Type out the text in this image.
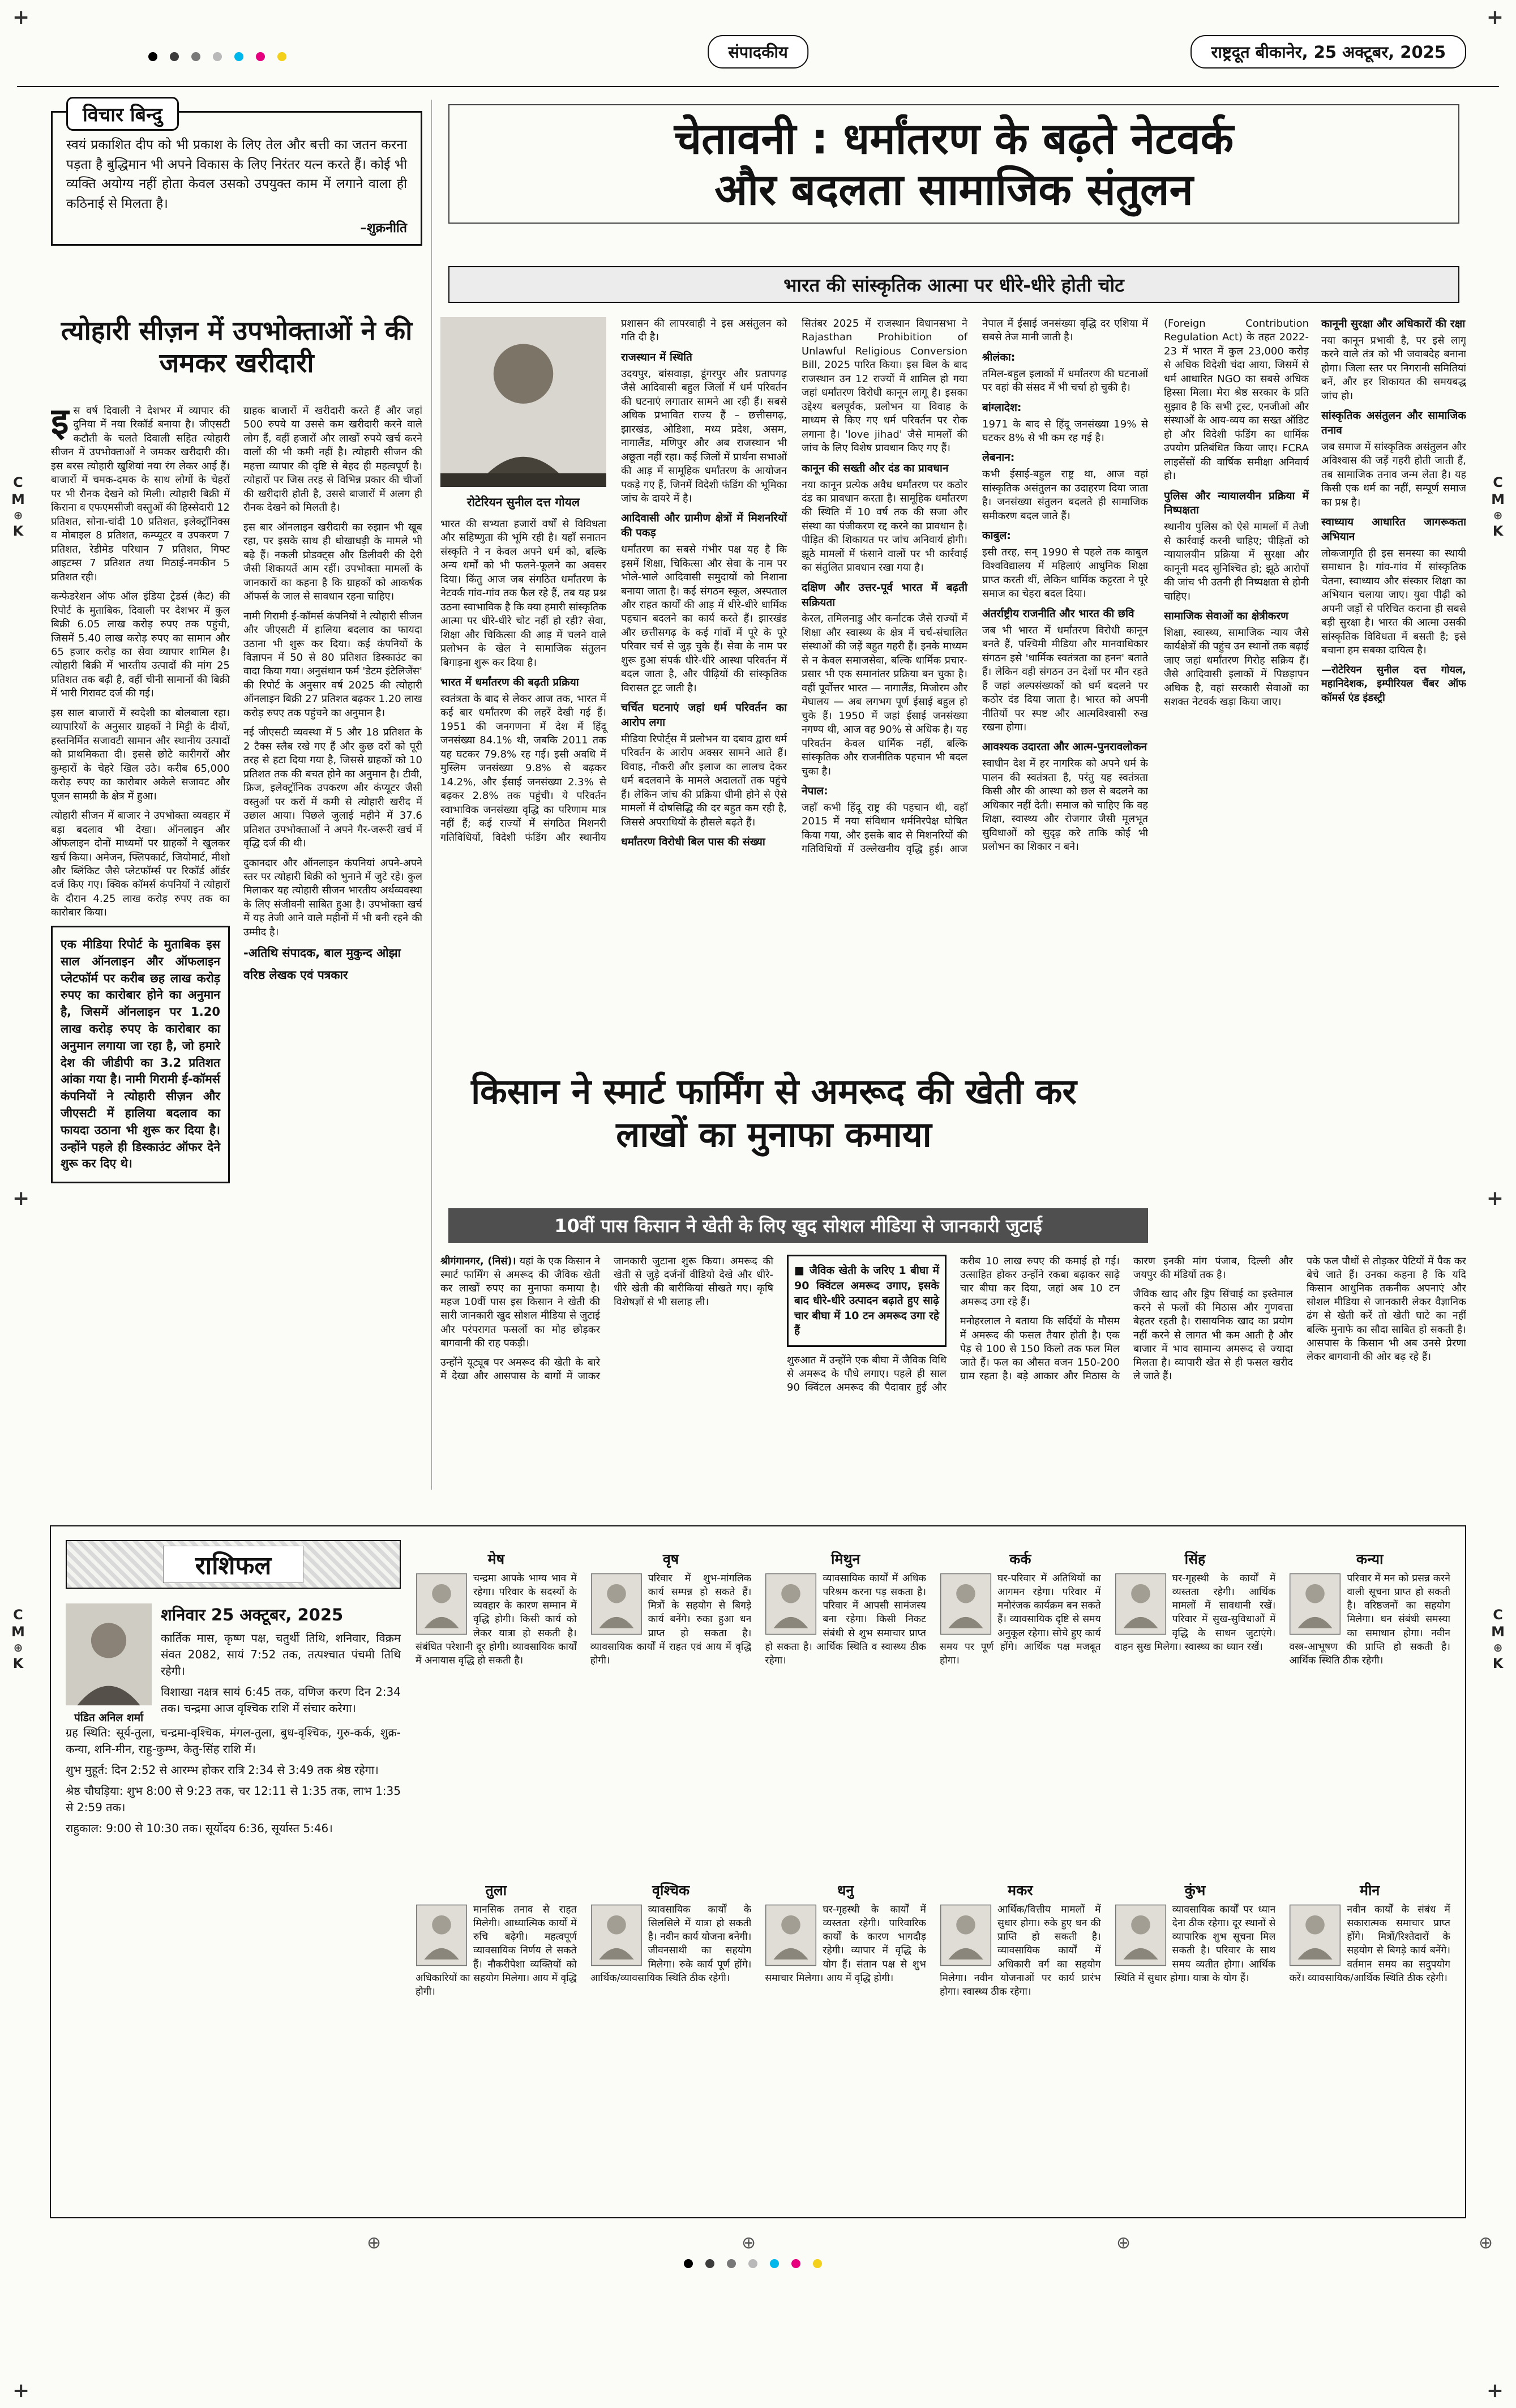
+	+
+	+
+	+
C
M
⊕
K
C
M
⊕
K
C
M
⊕
K
C
M
⊕
K
⊕	⊕	⊕	⊕
संपादकीय	राष्ट्रदूत बीकानेर, 25 अक्टूबर, 2025
विचार बिन्दु

स्वयं प्रकाशित दीप को भी प्रकाश के लिए तेल और बत्ती का जतन करना पड़ता है बुद्धिमान भी अपने विकास के लिए निरंतर यत्न करते हैं। कोई भी व्यक्ति अयोग्य नहीं होता केवल उसको उपयुक्त काम में लगाने वाला ही कठिनाई से मिलता है।

–शुक्रनीति

त्योहारी सीज़न में उपभोक्ताओं ने की जमकर खरीदारी

इस वर्ष दिवाली ने देशभर में व्यापार की दुनिया में नया रिकॉर्ड बनाया है। जीएसटी कटौती के चलते दिवाली सहित त्योहारी सीजन में उपभोक्ताओं ने जमकर खरीदारी की। इस बरस त्योहारी खुशियां नया रंग लेकर आई हैं। बाजारों में चमक-दमक के साथ लोगों के चेहरों पर भी रौनक देखने को मिली। त्योहारी बिक्री में किराना व एफएमसीजी वस्तुओं की हिस्सेदारी 12 प्रतिशत, सोना-चांदी 10 प्रतिशत, इलेक्ट्रॉनिक्स व मोबाइल 8 प्रतिशत, कम्प्यूटर व उपकरण 7 प्रतिशत, रेडीमेड परिधान 7 प्रतिशत, गिफ्ट आइटम्स 7 प्रतिशत तथा मिठाई-नमकीन 5 प्रतिशत रही।

कन्फेडरेशन ऑफ ऑल इंडिया ट्रेडर्स (कैट) की रिपोर्ट के मुताबिक, दिवाली पर देशभर में कुल बिक्री 6.05 लाख करोड़ रुपए तक पहुंची, जिसमें 5.40 लाख करोड़ रुपए का सामान और 65 हजार करोड़ का सेवा व्यापार शामिल है। त्योहारी बिक्री में भारतीय उत्पादों की मांग 25 प्रतिशत तक बढ़ी है, वहीं चीनी सामानों की बिक्री में भारी गिरावट दर्ज की गई।

इस साल बाजारों में स्वदेशी का बोलबाला रहा। व्यापारियों के अनुसार ग्राहकों ने मिट्टी के दीयों, हस्तनिर्मित सजावटी सामान और स्थानीय उत्पादों को प्राथमिकता दी। इससे छोटे कारीगरों और कुम्हारों के चेहरे खिल उठे। करीब 65,000 करोड़ रुपए का कारोबार अकेले सजावट और पूजन सामग्री के क्षेत्र में हुआ।

त्योहारी सीजन में बाजार ने उपभोक्ता व्यवहार में बड़ा बदलाव भी देखा। ऑनलाइन और ऑफलाइन दोनों माध्यमों पर ग्राहकों ने खुलकर खर्च किया। अमेजन, फ्लिपकार्ट, जियोमार्ट, मीशो और ब्लिंकिट जैसे प्लेटफॉर्म्स पर रिकॉर्ड ऑर्डर दर्ज किए गए। क्विक कॉमर्स कंपनियों ने त्योहारों के दौरान 4.25 लाख करोड़ रुपए तक का कारोबार किया।

एक मीडिया रिपोर्ट के मुताबिक इस साल ऑनलाइन और ऑफलाइन प्लेटफॉर्म पर करीब छह लाख करोड़ रुपए का कारोबार होने का अनुमान है, जिसमें ऑनलाइन पर 1.20 लाख करोड़ रुपए के कारोबार का अनुमान लगाया जा रहा है, जो हमारे देश की जीडीपी का 3.2 प्रतिशत आंका गया है। नामी गिरामी ई-कॉमर्स कंपनियों ने त्योहारी सीज़न और जीएसटी में हालिया बदलाव का फायदा उठाना भी शुरू कर दिया है। उन्होंने पहले ही डिस्काउंट ऑफर देने शुरू कर दिए थे।

ग्राहक बाजारों में खरीदारी करते हैं और जहां 500 रुपये या उससे कम खरीदारी करने वाले लोग हैं, वहीं हजारों और लाखों रुपये खर्च करने वालों की भी कमी नहीं है। त्योहारी सीजन की महत्ता व्यापार की दृष्टि से बेहद ही महत्वपूर्ण है। त्योहारों पर जिस तरह से विभिन्न प्रकार की चीजों की खरीदारी होती है, उससे बाजारों में अलग ही रौनक देखने को मिलती है।

इस बार ऑनलाइन खरीदारी का रुझान भी खूब रहा, पर इसके साथ ही धोखाधड़ी के मामले भी बढ़े हैं। नकली प्रोडक्ट्स और डिलीवरी की देरी जैसी शिकायतें आम रहीं। उपभोक्ता मामलों के जानकारों का कहना है कि ग्राहकों को आकर्षक ऑफर्स के जाल से सावधान रहना चाहिए।

नामी गिरामी ई-कॉमर्स कंपनियों ने त्योहारी सीजन और जीएसटी में हालिया बदलाव का फायदा उठाना भी शुरू कर दिया। कई कंपनियों के विज्ञापन में 50 से 80 प्रतिशत डिस्काउंट का वादा किया गया। अनुसंधान फर्म 'डेटम इंटेलिजेंस' की रिपोर्ट के अनुसार वर्ष 2025 की त्योहारी ऑनलाइन बिक्री 27 प्रतिशत बढ़कर 1.20 लाख करोड़ रुपए तक पहुंचने का अनुमान है।

नई जीएसटी व्यवस्था में 5 और 18 प्रतिशत के 2 टैक्स स्लैब रखे गए हैं और कुछ दरों को पूरी तरह से हटा दिया गया है, जिससे ग्राहकों को 10 प्रतिशत तक की बचत होने का अनुमान है। टीवी, फ्रिज, इलेक्ट्रॉनिक उपकरण और कंप्यूटर जैसी वस्तुओं पर करों में कमी से त्योहारी खरीद में उछाल आया। पिछले जुलाई महीने में 37.6 प्रतिशत उपभोक्ताओं ने अपने गैर-जरूरी खर्च में वृद्धि दर्ज की थी।

दुकानदार और ऑनलाइन कंपनियां अपने-अपने स्तर पर त्योहारी बिक्री को भुनाने में जुटे रहे। कुल मिलाकर यह त्योहारी सीजन भारतीय अर्थव्यवस्था के लिए संजीवनी साबित हुआ है। उपभोक्ता खर्च में यह तेजी आने वाले महीनों में भी बनी रहने की उम्मीद है।

-अतिथि संपादक, बाल मुकुन्द ओझा

वरिष्ठ लेखक एवं पत्रकार

चेतावनी : धर्मांतरण के बढ़ते नेटवर्क
और बदलता सामाजिक संतुलन
भारत की सांस्कृतिक आत्मा पर धीरे-धीरे होती चोट
रोटेरियन सुनील दत्त गोयल

भारत की सभ्यता हजारों वर्षों से विविधता और सहिष्णुता की भूमि रही है। यहाँ सनातन संस्कृति ने न केवल अपने धर्म को, बल्कि अन्य धर्मों को भी फलने-फूलने का अवसर दिया। किंतु आज जब संगठित धर्मांतरण के नेटवर्क गांव-गांव तक फैल रहे हैं, तब यह प्रश्न उठना स्वाभाविक है कि क्या हमारी सांस्कृतिक आत्मा पर धीरे-धीरे चोट नहीं हो रही? सेवा, शिक्षा और चिकित्सा की आड़ में चलने वाले प्रलोभन के खेल ने सामाजिक संतुलन बिगाड़ना शुरू कर दिया है।

भारत में धर्मांतरण की बढ़ती प्रक्रिया

स्वतंत्रता के बाद से लेकर आज तक, भारत में कई बार धर्मांतरण की लहरें देखी गई हैं। 1951 की जनगणना में देश में हिंदू जनसंख्या 84.1% थी, जबकि 2011 तक यह घटकर 79.8% रह गई। इसी अवधि में मुस्लिम जनसंख्या 9.8% से बढ़कर 14.2%, और ईसाई जनसंख्या 2.3% से बढ़कर 2.8% तक पहुंची। ये परिवर्तन स्वाभाविक जनसंख्या वृद्धि का परिणाम मात्र नहीं हैं; कई राज्यों में संगठित मिशनरी गतिविधियों, विदेशी फंडिंग और स्थानीय प्रशासन की लापरवाही ने इस असंतुलन को गति दी है।

राजस्थान में स्थिति

उदयपुर, बांसवाड़ा, डूंगरपुर और प्रतापगढ़ जैसे आदिवासी बहुल जिलों में धर्म परिवर्तन की घटनाएं लगातार सामने आ रही हैं। सबसे अधिक प्रभावित राज्य हैं – छत्तीसगढ़, झारखंड, ओडिशा, मध्य प्रदेश, असम, नागालैंड, मणिपुर और अब राजस्थान भी अछूता नहीं रहा। कई जिलों में प्रार्थना सभाओं की आड़ में सामूहिक धर्मांतरण के आयोजन पकड़े गए हैं, जिनमें विदेशी फंडिंग की भूमिका जांच के दायरे में है।

आदिवासी और ग्रामीण क्षेत्रों में मिशनरियों की पकड़

धर्मांतरण का सबसे गंभीर पक्ष यह है कि इसमें शिक्षा, चिकित्सा और सेवा के नाम पर भोले-भाले आदिवासी समुदायों को निशाना बनाया जाता है। कई संगठन स्कूल, अस्पताल और राहत कार्यों की आड़ में धीरे-धीरे धार्मिक पहचान बदलने का कार्य करते हैं। झारखंड और छत्तीसगढ़ के कई गांवों में पूरे के पूरे परिवार चर्च से जुड़ चुके हैं। सेवा के नाम पर शुरू हुआ संपर्क धीरे-धीरे आस्था परिवर्तन में बदल जाता है, और पीढ़ियों की सांस्कृतिक विरासत टूट जाती है।

चर्चित घटनाएं जहां धर्म परिवर्तन का आरोप लगा

मीडिया रिपोर्ट्स में प्रलोभन या दबाव द्वारा धर्म परिवर्तन के आरोप अक्सर सामने आते हैं। विवाह, नौकरी और इलाज का लालच देकर धर्म बदलवाने के मामले अदालतों तक पहुंचे हैं। लेकिन जांच की प्रक्रिया धीमी होने से ऐसे मामलों में दोषसिद्धि की दर बहुत कम रही है, जिससे अपराधियों के हौसले बढ़ते हैं।

धर्मांतरण विरोधी बिल पास की संख्या

सितंबर 2025 में राजस्थान विधानसभा ने Rajasthan Prohibition of Unlawful Religious Conversion Bill, 2025 पारित किया। इस बिल के बाद राजस्थान उन 12 राज्यों में शामिल हो गया जहां धर्मांतरण विरोधी कानून लागू है। इसका उद्देश्य बलपूर्वक, प्रलोभन या विवाह के माध्यम से किए गए धर्म परिवर्तन पर रोक लगाना है। 'love jihad' जैसे मामलों की जांच के लिए विशेष प्रावधान किए गए हैं।

कानून की सख्ती और दंड का प्रावधान

नया कानून प्रत्येक अवैध धर्मांतरण पर कठोर दंड का प्रावधान करता है। सामूहिक धर्मांतरण की स्थिति में 10 वर्ष तक की सजा और संस्था का पंजीकरण रद्द करने का प्रावधान है। पीड़ित की शिकायत पर जांच अनिवार्य होगी। झूठे मामलों में फंसाने वालों पर भी कार्रवाई का संतुलित प्रावधान रखा गया है।

दक्षिण और उत्तर-पूर्व भारत में बढ़ती सक्रियता

केरल, तमिलनाडु और कर्नाटक जैसे राज्यों में शिक्षा और स्वास्थ्य के क्षेत्र में चर्च-संचालित संस्थाओं की जड़ें बहुत गहरी हैं। इनके माध्यम से न केवल समाजसेवा, बल्कि धार्मिक प्रचार-प्रसार भी एक समानांतर प्रक्रिया बन चुका है। वहीं पूर्वोत्तर भारत — नागालैंड, मिजोरम और मेघालय — अब लगभग पूर्ण ईसाई बहुल हो चुके हैं। 1950 में जहां ईसाई जनसंख्या नगण्य थी, आज वह 90% से अधिक है। यह परिवर्तन केवल धार्मिक नहीं, बल्कि सांस्कृतिक और राजनीतिक पहचान भी बदल चुका है।

नेपाल:

जहाँ कभी हिंदू राष्ट्र की पहचान थी, वहाँ 2015 में नया संविधान धर्मनिरपेक्ष घोषित किया गया, और इसके बाद से मिशनरियों की गतिविधियों में उल्लेखनीय वृद्धि हुई। आज नेपाल में ईसाई जनसंख्या वृद्धि दर एशिया में सबसे तेज मानी जाती है।

श्रीलंका:

तमिल-बहुल इलाकों में धर्मांतरण की घटनाओं पर वहां की संसद में भी चर्चा हो चुकी है।

बांग्लादेश:

1971 के बाद से हिंदू जनसंख्या 19% से घटकर 8% से भी कम रह गई है।

लेबनान:

कभी ईसाई-बहुल राष्ट्र था, आज वहां सांस्कृतिक असंतुलन का उदाहरण दिया जाता है। जनसंख्या संतुलन बदलते ही सामाजिक समीकरण बदल जाते हैं।

काबुल:

इसी तरह, सन् 1990 से पहले तक काबुल विश्वविद्यालय में महिलाएं आधुनिक शिक्षा प्राप्त करती थीं, लेकिन धार्मिक कट्टरता ने पूरे समाज का चेहरा बदल दिया।

अंतर्राष्ट्रीय राजनीति और भारत की छवि

जब भी भारत में धर्मांतरण विरोधी कानून बनते हैं, पश्चिमी मीडिया और मानवाधिकार संगठन इसे 'धार्मिक स्वतंत्रता का हनन' बताते हैं। लेकिन वही संगठन उन देशों पर मौन रहते हैं जहां अल्पसंख्यकों को धर्म बदलने पर कठोर दंड दिया जाता है। भारत को अपनी नीतियों पर स्पष्ट और आत्मविश्वासी रुख रखना होगा।

आवश्यक उदारता और आत्म-पुनरावलोकन

स्वाधीन देश में हर नागरिक को अपने धर्म के पालन की स्वतंत्रता है, परंतु यह स्वतंत्रता किसी और की आस्था को छल से बदलने का अधिकार नहीं देती। समाज को चाहिए कि वह शिक्षा, स्वास्थ्य और रोजगार जैसी मूलभूत सुविधाओं को सुदृढ़ करे ताकि कोई भी प्रलोभन का शिकार न बने।

(Foreign Contribution Regulation Act) के तहत 2022-23 में भारत में कुल 23,000 करोड़ से अधिक विदेशी चंदा आया, जिसमें से धर्म आधारित NGO का सबसे अधिक हिस्सा मिला। मेरा श्रेष्ठ सरकार के प्रति सुझाव है कि सभी ट्रस्ट, एनजीओ और संस्थाओं के आय-व्यय का सख्त ऑडिट हो और विदेशी फंडिंग का धार्मिक उपयोग प्रतिबंधित किया जाए। FCRA लाइसेंसों की वार्षिक समीक्षा अनिवार्य हो।

पुलिस और न्यायालयीन प्रक्रिया में निष्पक्षता

स्थानीय पुलिस को ऐसे मामलों में तेजी से कार्रवाई करनी चाहिए; पीड़ितों को न्यायालयीन प्रक्रिया में सुरक्षा और कानूनी मदद सुनिश्चित हो; झूठे आरोपों की जांच भी उतनी ही निष्पक्षता से होनी चाहिए।

सामाजिक सेवाओं का क्षेत्रीकरण

शिक्षा, स्वास्थ्य, सामाजिक न्याय जैसे कार्यक्षेत्रों की पहुंच उन स्थानों तक बढ़ाई जाए जहां धर्मांतरण गिरोह सक्रिय हैं। जैसे आदिवासी इलाकों में पिछड़ापन अधिक है, वहां सरकारी सेवाओं का सशक्त नेटवर्क खड़ा किया जाए।

कानूनी सुरक्षा और अधिकारों की रक्षा

नया कानून प्रभावी है, पर इसे लागू करने वाले तंत्र को भी जवाबदेह बनाना होगा। जिला स्तर पर निगरानी समितियां बनें, और हर शिकायत की समयबद्ध जांच हो।

सांस्कृतिक असंतुलन और सामाजिक तनाव

जब समाज में सांस्कृतिक असंतुलन और अविश्वास की जड़ें गहरी होती जाती हैं, तब सामाजिक तनाव जन्म लेता है। यह किसी एक धर्म का नहीं, सम्पूर्ण समाज का प्रश्न है।

स्वाध्याय आधारित जागरूकता अभियान

लोकजागृति ही इस समस्या का स्थायी समाधान है। गांव-गांव में सांस्कृतिक चेतना, स्वाध्याय और संस्कार शिक्षा का अभियान चलाया जाए। युवा पीढ़ी को अपनी जड़ों से परिचित कराना ही सबसे बड़ी सुरक्षा है। भारत की आत्मा उसकी सांस्कृतिक विविधता में बसती है; इसे बचाना हम सबका दायित्व है।

—रोटेरियन सुनील दत्त गोयल, महानिदेशक, इम्पीरियल चैंबर ऑफ कॉमर्स एंड इंडस्ट्री

किसान ने स्मार्ट फार्मिंग से अमरूद की खेती कर लाखों का मुनाफा कमाया
10वीं पास किसान ने खेती के लिए खुद सोशल मीडिया से जानकारी जुटाई

श्रीगंगानगर, (निसं)। यहां के एक किसान ने स्मार्ट फार्मिंग से अमरूद की जैविक खेती कर लाखों रुपए का मुनाफा कमाया है। महज 10वीं पास इस किसान ने खेती की सारी जानकारी खुद सोशल मीडिया से जुटाई और परंपरागत फसलों का मोह छोड़कर बागवानी की राह पकड़ी।

उन्होंने यूट्यूब पर अमरूद की खेती के बारे में देखा और आसपास के बागों में जाकर जानकारी जुटाना शुरू किया। अमरूद की खेती से जुड़े दर्जनों वीडियो देखे और धीरे-धीरे खेती की बारीकियां सीखते गए। कृषि विशेषज्ञों से भी सलाह ली।

■ जैविक खेती के जरिए 1 बीघा में 90 क्विंटल अमरूद उगाए, इसके बाद धीरे-धीरे उत्पादन बढ़ाते हुए साढ़े चार बीघा में 10 टन अमरूद उगा रहे हैं

शुरुआत में उन्होंने एक बीघा में जैविक विधि से अमरूद के पौधे लगाए। पहले ही साल 90 क्विंटल अमरूद की पैदावार हुई और करीब 10 लाख रुपए की कमाई हो गई। उत्साहित होकर उन्होंने रकबा बढ़ाकर साढ़े चार बीघा कर दिया, जहां अब 10 टन अमरूद उगा रहे हैं।

मनोहरलाल ने बताया कि सर्दियों के मौसम में अमरूद की फसल तैयार होती है। एक पेड़ से 100 से 150 किलो तक फल मिल जाते हैं। फल का औसत वजन 150-200 ग्राम रहता है। बड़े आकार और मिठास के कारण इनकी मांग पंजाब, दिल्ली और जयपुर की मंडियों तक है।

जैविक खाद और ड्रिप सिंचाई का इस्तेमाल करने से फलों की मिठास और गुणवत्ता बेहतर रहती है। रासायनिक खाद का प्रयोग नहीं करने से लागत भी कम आती है और बाजार में भाव सामान्य अमरूद से ज्यादा मिलता है। व्यापारी खेत से ही फसल खरीद ले जाते हैं।

पके फल पौधों से तोड़कर पेटियों में पैक कर बेचे जाते हैं। उनका कहना है कि यदि किसान आधुनिक तकनीक अपनाएं और सोशल मीडिया से जानकारी लेकर वैज्ञानिक ढंग से खेती करें तो खेती घाटे का नहीं बल्कि मुनाफे का सौदा साबित हो सकती है। आसपास के किसान भी अब उनसे प्रेरणा लेकर बागवानी की ओर बढ़ रहे हैं।

राशिफल
पंडित अनिल शर्मा

शनिवार 25 अक्टूबर, 2025

कार्तिक मास, कृष्ण पक्ष, चतुर्थी तिथि, शनिवार, विक्रम संवत 2082, सायं 7:52 तक, तत्पश्चात पंचमी तिथि रहेगी।

विशाखा नक्षत्र सायं 6:45 तक, वणिज करण दिन 2:34 तक। चन्द्रमा आज वृश्चिक राशि में संचार करेगा।

ग्रह स्थिति: सूर्य-तुला, चन्द्रमा-वृश्चिक, मंगल-तुला, बुध-वृश्चिक, गुरु-कर्क, शुक्र-कन्या, शनि-मीन, राहु-कुम्भ, केतु-सिंह राशि में।

शुभ मुहूर्त: दिन 2:52 से आरम्भ होकर रात्रि 2:34 से 3:49 तक श्रेष्ठ रहेगा।

श्रेष्ठ चौघड़िया: शुभ 8:00 से 9:23 तक, चर 12:11 से 1:35 तक, लाभ 1:35 से 2:59 तक।

राहुकाल: 9:00 से 10:30 तक। सूर्योदय 6:36, सूर्यास्त 5:46।

मेष

चन्द्रमा आपके भाग्य भाव में रहेगा। परिवार के सदस्यों के व्यवहार के कारण सम्मान में वृद्धि होगी। किसी कार्य को लेकर यात्रा हो सकती है। संबंधित परेशानी दूर होगी। व्यावसायिक कार्यों में अनायास वृद्धि हो सकती है।

वृष

परिवार में शुभ-मांगलिक कार्य सम्पन्न हो सकते हैं। मित्रों के सहयोग से बिगड़े कार्य बनेंगे। रुका हुआ धन प्राप्त हो सकता है। व्यावसायिक कार्यों में राहत एवं आय में वृद्धि होगी।

मिथुन

व्यावसायिक कार्यों में अधिक परिश्रम करना पड़ सकता है। परिवार में आपसी सामंजस्य बना रहेगा। किसी निकट संबंधी से शुभ समाचार प्राप्त हो सकता है। आर्थिक स्थिति व स्वास्थ्य ठीक रहेगा।

कर्क

घर-परिवार में अतिथियों का आगमन रहेगा। परिवार में मनोरंजक कार्यक्रम बन सकते हैं। व्यावसायिक दृष्टि से समय अनुकूल रहेगा। सोचे हुए कार्य समय पर पूर्ण होंगे। आर्थिक पक्ष मजबूत होगा।

सिंह

घर-गृहस्थी के कार्यों में व्यस्तता रहेगी। आर्थिक मामलों में सावधानी रखें। परिवार में सुख-सुविधाओं में वृद्धि के साधन जुटाएंगे। वाहन सुख मिलेगा। स्वास्थ्य का ध्यान रखें।

कन्या

परिवार में मन को प्रसन्न करने वाली सूचना प्राप्त हो सकती है। वरिष्ठजनों का सहयोग मिलेगा। धन संबंधी समस्या का समाधान होगा। नवीन वस्त्र-आभूषण की प्राप्ति हो सकती है। आर्थिक स्थिति ठीक रहेगी।

तुला

मानसिक तनाव से राहत मिलेगी। आध्यात्मिक कार्यों में रुचि बढ़ेगी। महत्वपूर्ण व्यावसायिक निर्णय ले सकते हैं। नौकरीपेशा व्यक्तियों को अधिकारियों का सहयोग मिलेगा। आय में वृद्धि होगी।

वृश्चिक

व्यावसायिक कार्यों के सिलसिले में यात्रा हो सकती है। नवीन कार्य योजना बनेगी। जीवनसाथी का सहयोग मिलेगा। रुके कार्य पूर्ण होंगे। आर्थिक/व्यावसायिक स्थिति ठीक रहेगी।

धनु

घर-गृहस्थी के कार्यों में व्यस्तता रहेगी। पारिवारिक कार्यों के कारण भागदौड़ रहेगी। व्यापार में वृद्धि के योग हैं। संतान पक्ष से शुभ समाचार मिलेगा। आय में वृद्धि होगी।

मकर

आर्थिक/वित्तीय मामलों में सुधार होगा। रुके हुए धन की प्राप्ति हो सकती है। व्यावसायिक कार्यों में अधिकारी वर्ग का सहयोग मिलेगा। नवीन योजनाओं पर कार्य प्रारंभ होगा। स्वास्थ्य ठीक रहेगा।

कुंभ

व्यावसायिक कार्यों पर ध्यान देना ठीक रहेगा। दूर स्थानों से व्यापारिक शुभ सूचना मिल सकती है। परिवार के साथ समय व्यतीत होगा। आर्थिक स्थिति में सुधार होगा। यात्रा के योग हैं।

मीन

नवीन कार्यों के संबंध में सकारात्मक समाचार प्राप्त होंगे। मित्रों/रिश्तेदारों के सहयोग से बिगड़े कार्य बनेंगे। वर्तमान समय का सदुपयोग करें। व्यावसायिक/आर्थिक स्थिति ठीक रहेगी।
